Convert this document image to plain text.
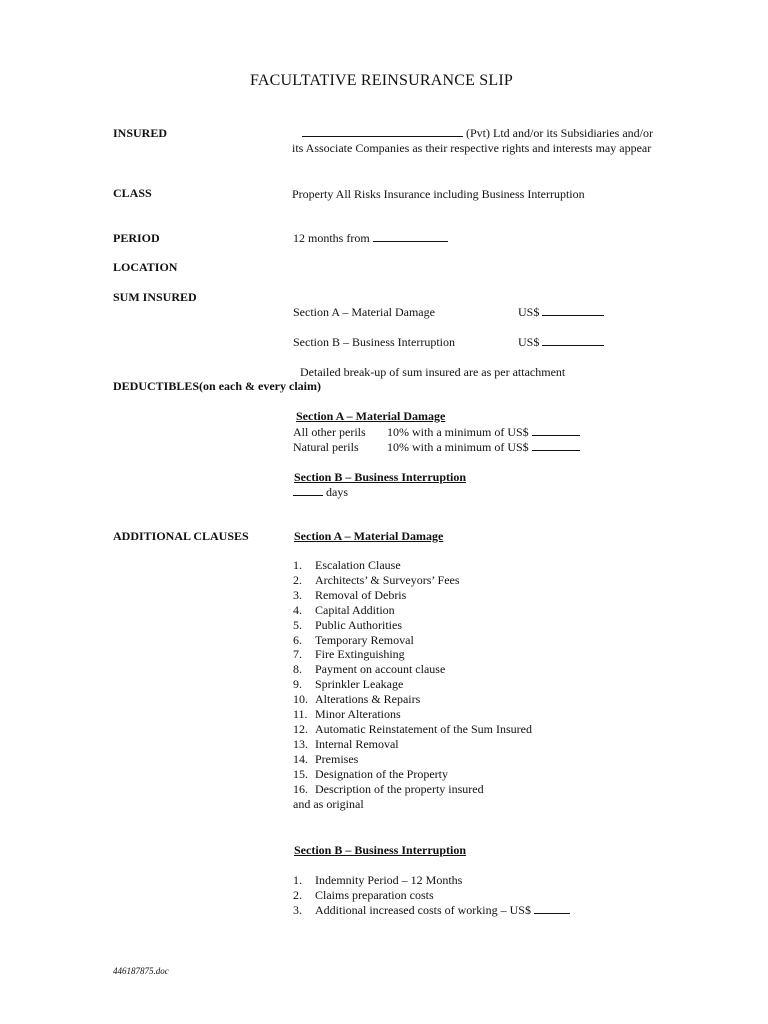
FACULTATIVE REINSURANCE SLIP
INSURED	(Pvt) Ltd and/or its Subsidiaries and/or
its Associate Companies as their respective rights and interests may appear
CLASS	Property All Risks Insurance including Business Interruption
PERIOD	12 months from
LOCATION
SUM INSURED
Section A – Material Damage	US$
Section B – Business Interruption	US$
Detailed break-up of sum insured are as per attachment
DEDUCTIBLES(on each & every claim)
Section A – Material Damage
All other perils 10% with a minimum of US$
Natural perils 10% with a minimum of US$
Section B – Business Interruption
days
ADDITIONAL CLAUSES	Section A – Material Damage
1. Escalation Clause
2. Architects’ & Surveyors’ Fees
3. Removal of Debris
4. Capital Addition
5. Public Authorities
6. Temporary Removal
7. Fire Extinguishing
8. Payment on account clause
9. Sprinkler Leakage
10. Alterations & Repairs
11. Minor Alterations
12. Automatic Reinstatement of the Sum Insured
13. Internal Removal
14. Premises
15. Designation of the Property
16. Description of the property insured
and as original
Section B – Business Interruption
1. Indemnity Period – 12 Months
2. Claims preparation costs
3. Additional increased costs of working – US$
446187875.doc
